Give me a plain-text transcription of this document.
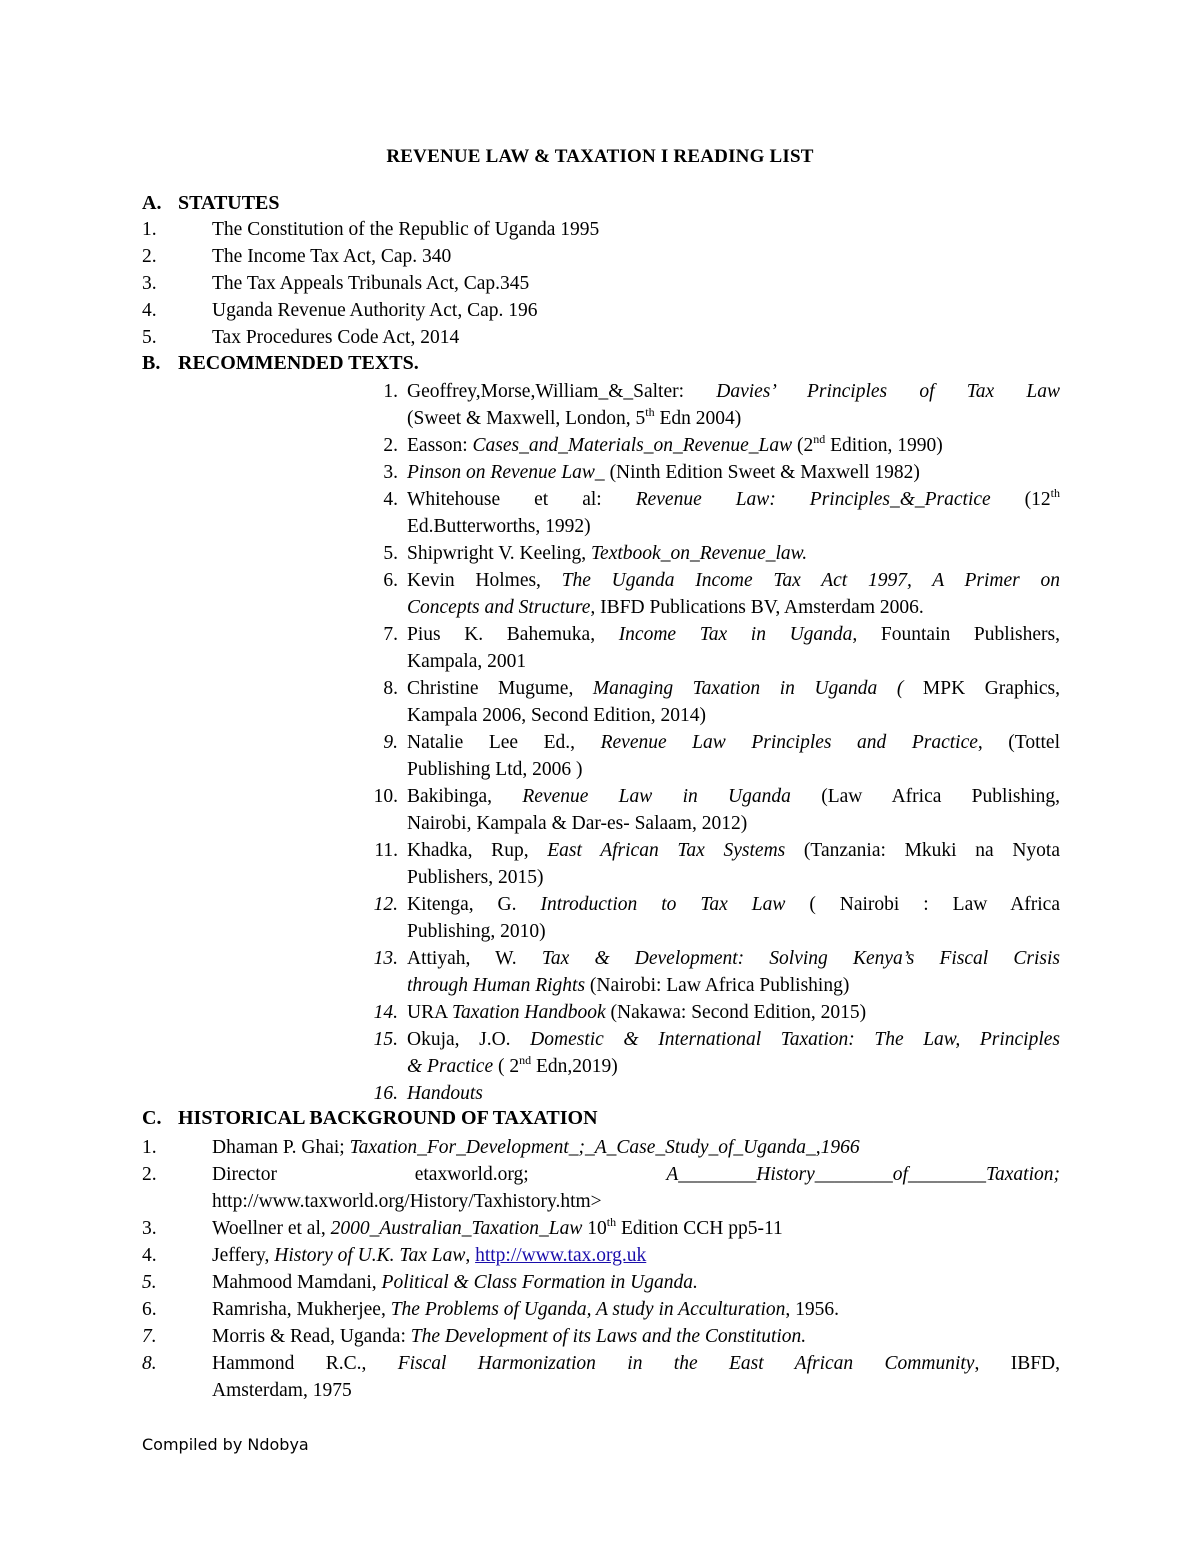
REVENUE LAW & TAXATION I READING LIST
A. STATUTES
1.	The Constitution of the Republic of Uganda 1995
2.	The Income Tax Act, Cap. 340
3.	The Tax Appeals Tribunals Act, Cap.345
4.	Uganda Revenue Authority Act, Cap. 196
5.	Tax Procedures Code Act, 2014
B. RECOMMENDED TEXTS.
1. Geoffrey,Morse,William_&_Salter: Davies’ Principles of Tax Law
(Sweet & Maxwell, London, 5th Edn 2004)
2. Easson: Cases_and_Materials_on_Revenue_Law (2nd Edition, 1990)
3. Pinson on Revenue Law_ (Ninth Edition Sweet & Maxwell 1982)
4. Whitehouse et al: Revenue Law: Principles_&_Practice (12th
Ed.Butterworths, 1992)
5. Shipwright V. Keeling, Textbook_on_Revenue_law.
6. Kevin Holmes, The Uganda Income Tax Act 1997, A Primer on
Concepts and Structure, IBFD Publications BV, Amsterdam 2006.
7. Pius K. Bahemuka, Income Tax in Uganda, Fountain Publishers,
Kampala, 2001
8. Christine Mugume, Managing Taxation in Uganda ( MPK Graphics,
Kampala 2006, Second Edition, 2014)
9. Natalie Lee Ed., Revenue Law Principles and Practice, (Tottel
Publishing Ltd, 2006 )
10. Bakibinga, Revenue Law in Uganda (Law Africa Publishing,
Nairobi, Kampala & Dar-es- Salaam, 2012)
11. Khadka, Rup, East African Tax Systems (Tanzania: Mkuki na Nyota
Publishers, 2015)
12. Kitenga, G. Introduction to Tax Law ( Nairobi : Law Africa
Publishing, 2010)
13. Attiyah, W. Tax & Development: Solving Kenya’s Fiscal Crisis
through Human Rights (Nairobi: Law Africa Publishing)
14. URA Taxation Handbook (Nakawa: Second Edition, 2015)
15. Okuja, J.O. Domestic & International Taxation: The Law, Principles
& Practice ( 2nd Edn,2019)
16. Handouts
C. HISTORICAL BACKGROUND OF TAXATION
1.	Dhaman P. Ghai; Taxation_For_Development_;_A_Case_Study_of_Uganda_,1966
2.	Director	etaxworld.org;	A________History________of________Taxation;
http://www.taxworld.org/History/Taxhistory.htm>
3.	Woellner et al, 2000_Australian_Taxation_Law 10th Edition CCH pp5-11
4.	Jeffery, History of U.K. Tax Law, http://www.tax.org.uk
5.	Mahmood Mamdani, Political & Class Formation in Uganda.
6.	Ramrisha, Mukherjee, The Problems of Uganda, A study in Acculturation, 1956.
7.	Morris & Read, Uganda: The Development of its Laws and the Constitution.
8.	Hammond R.C., Fiscal Harmonization in the East African Community, IBFD,
Amsterdam, 1975
Compiled by Ndobya
